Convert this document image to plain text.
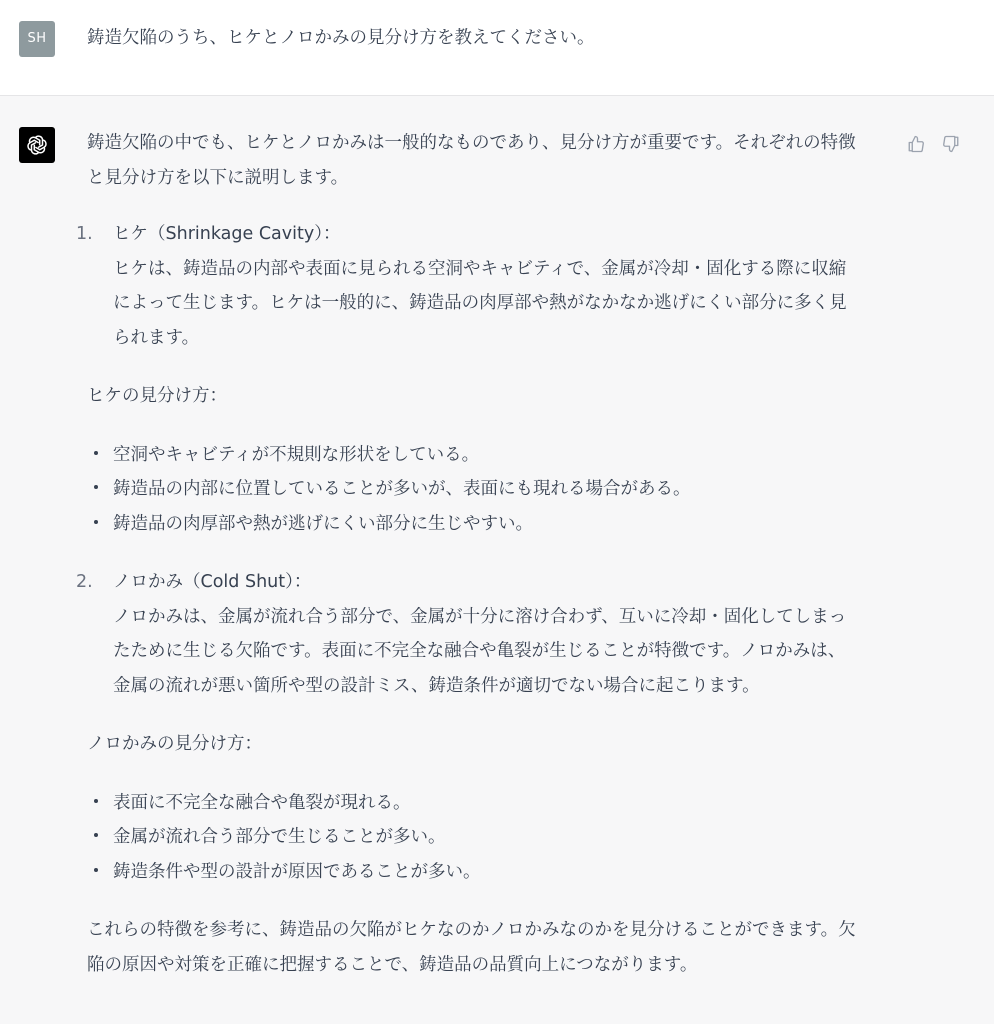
SH	鋳造欠陥のうち、ヒケとノロかみの見分け方を教えてください。

鋳造欠陥の中でも、ヒケとノロかみは一般的なものであり、見分け方が重要です。それぞれの特徴
と見分け方を以下に説明します。

1. ヒケ（Shrinkage Cavity）：
ヒケは、鋳造品の内部や表面に見られる空洞やキャビティで、金属が冷却・固化する際に収縮
によって生じます。ヒケは一般的に、鋳造品の肉厚部や熱がなかなか逃げにくい部分に多く見
られます。

ヒケの見分け方：

空洞やキャビティが不規則な形状をしている。
鋳造品の内部に位置していることが多いが、表面にも現れる場合がある。
鋳造品の肉厚部や熱が逃げにくい部分に生じやすい。
2. ノロかみ（Cold Shut）：
ノロかみは、金属が流れ合う部分で、金属が十分に溶け合わず、互いに冷却・固化してしまっ
たために生じる欠陥です。表面に不完全な融合や亀裂が生じることが特徴です。ノロかみは、
金属の流れが悪い箇所や型の設計ミス、鋳造条件が適切でない場合に起こります。

ノロかみの見分け方：

表面に不完全な融合や亀裂が現れる。
金属が流れ合う部分で生じることが多い。
鋳造条件や型の設計が原因であることが多い。

これらの特徴を参考に、鋳造品の欠陥がヒケなのかノロかみなのかを見分けることができます。欠
陥の原因や対策を正確に把握することで、鋳造品の品質向上につながります。
